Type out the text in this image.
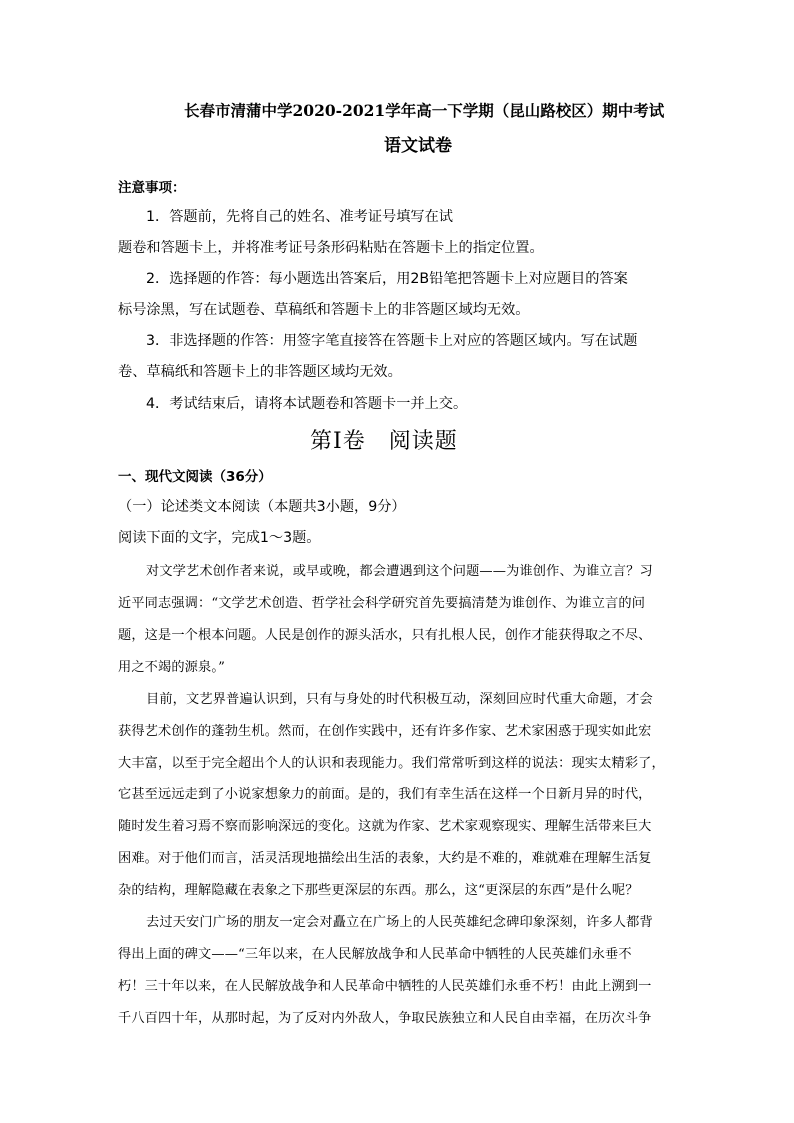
长春市清蒲中学2020-2021学年高一下学期（昆山路校区）期中考试
语文试卷
注意事项：
1．答题前，先将自己的姓名、准考证号填写在试
题卷和答题卡上，并将准考证号条形码粘贴在答题卡上的指定位置。
2．选择题的作答：每小题选出答案后，用2B铅笔把答题卡上对应题目的答案
标号涂黑，写在试题卷、草稿纸和答题卡上的非答题区域均无效。
3．非选择题的作答：用签字笔直接答在答题卡上对应的答题区域内。写在试题
卷、草稿纸和答题卡上的非答题区域均无效。
4．考试结束后，请将本试题卷和答题卡一并上交。
第Ⅰ卷　阅读题
一、现代文阅读（36分）
（一）论述类文本阅读（本题共3小题，9分）
阅读下面的文字，完成1～3题。
对文学艺术创作者来说，或早或晚，都会遭遇到这个问题——为谁创作、为谁立言？习
近平同志强调：“文学艺术创造、哲学社会科学研究首先要搞清楚为谁创作、为谁立言的问
题，这是一个根本问题。人民是创作的源头活水，只有扎根人民，创作才能获得取之不尽、
用之不竭的源泉。”
目前，文艺界普遍认识到，只有与身处的时代积极互动，深刻回应时代重大命题，才会
获得艺术创作的蓬勃生机。然而，在创作实践中，还有许多作家、艺术家困惑于现实如此宏
大丰富，以至于完全超出个人的认识和表现能力。我们常常听到这样的说法：现实太精彩了，
它甚至远远走到了小说家想象力的前面。是的，我们有幸生活在这样一个日新月异的时代，
随时发生着习焉不察而影响深远的变化。这就为作家、艺术家观察现实、理解生活带来巨大
困难。对于他们而言，活灵活现地描绘出生活的表象，大约是不难的，难就难在理解生活复
杂的结构，理解隐藏在表象之下那些更深层的东西。那么，这“更深层的东西”是什么呢？
去过天安门广场的朋友一定会对矗立在广场上的人民英雄纪念碑印象深刻，许多人都背
得出上面的碑文——“三年以来，在人民解放战争和人民革命中牺牲的人民英雄们永垂不
朽！三十年以来，在人民解放战争和人民革命中牺牲的人民英雄们永垂不朽！由此上溯到一
千八百四十年，从那时起，为了反对内外敌人，争取民族独立和人民自由幸福，在历次斗争
